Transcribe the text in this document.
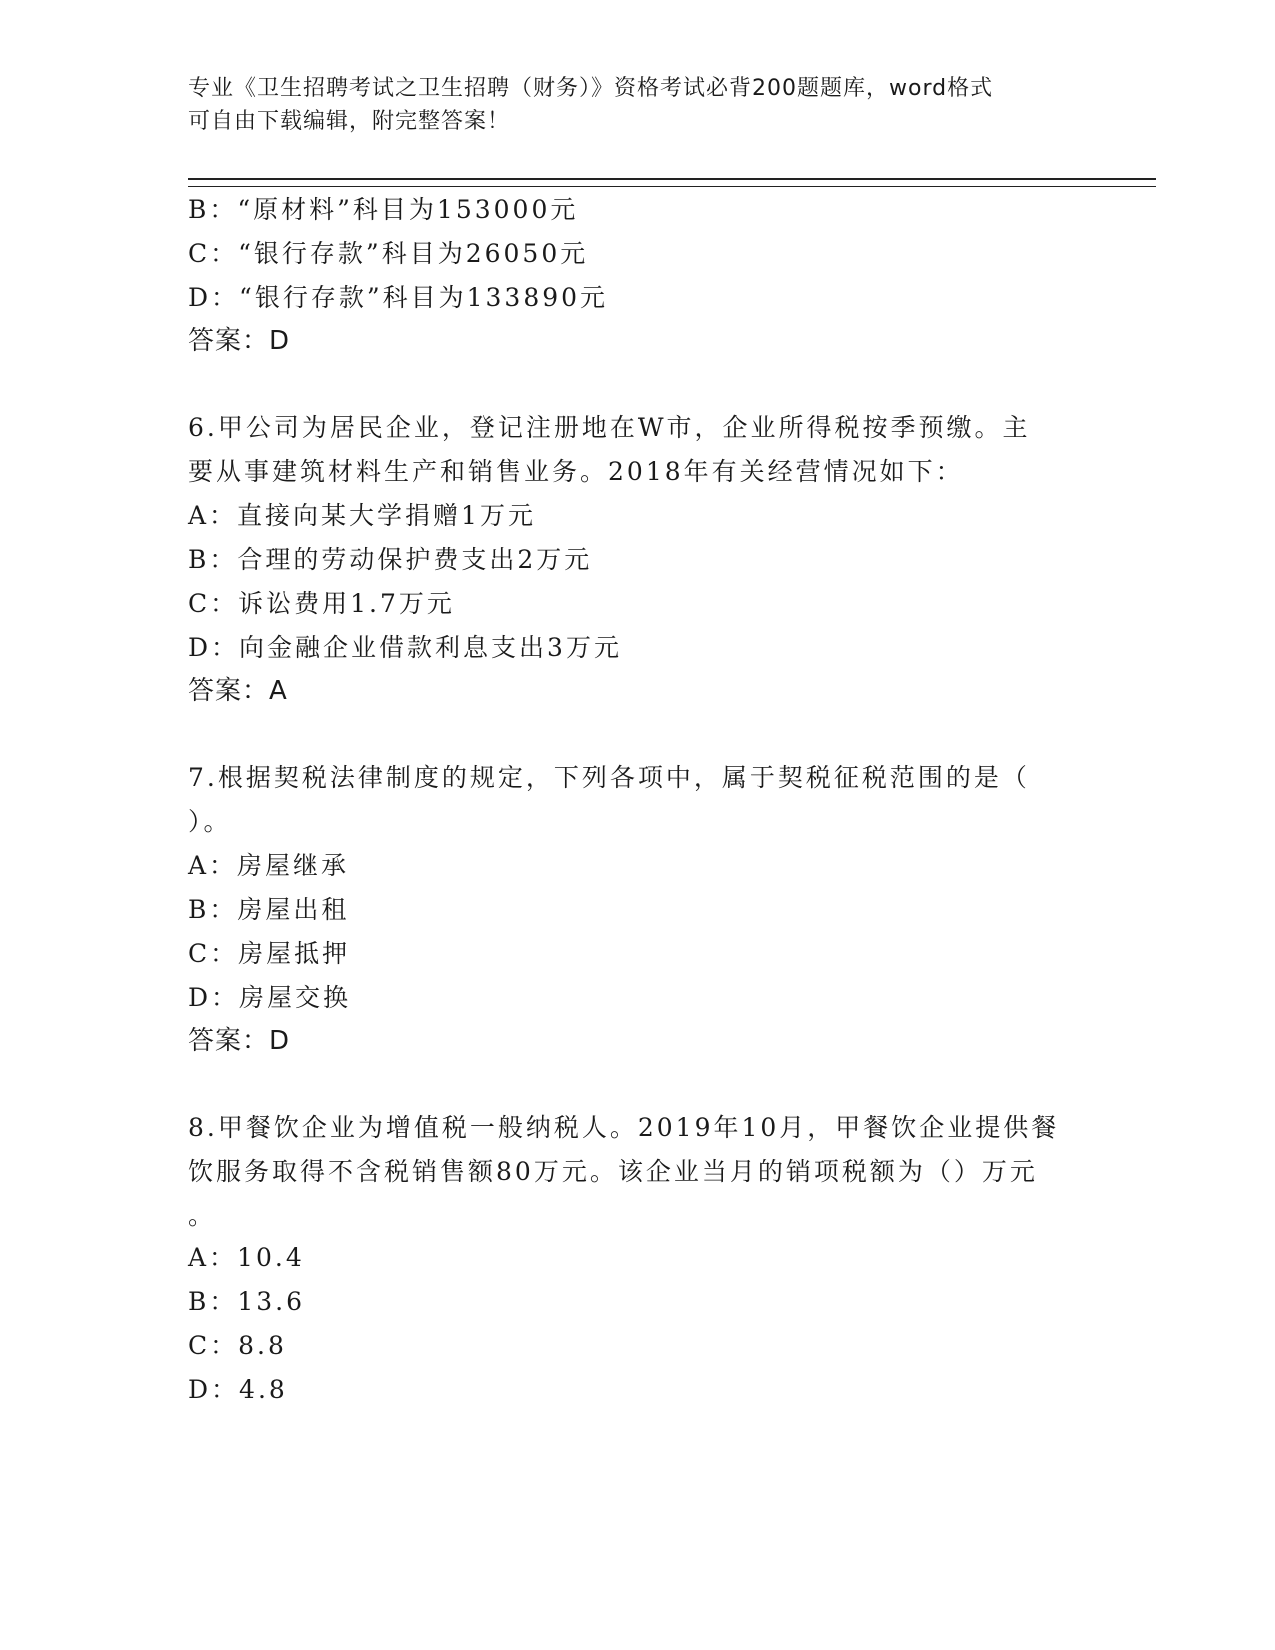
专业《卫生招聘考试之卫生招聘（财务）》资格考试必背200题题库，word格式
可自由下载编辑，附完整答案！
B：“原材料”科目为153000元
C：“银行存款”科目为26050元
D：“银行存款”科目为133890元
答案：D
6.甲公司为居民企业，登记注册地在W市，企业所得税按季预缴。主
要从事建筑材料生产和销售业务。2018年有关经营情况如下：
A：直接向某大学捐赠1万元
B：合理的劳动保护费支出2万元
C：诉讼费用1.7万元
D：向金融企业借款利息支出3万元
答案：A
7.根据契税法律制度的规定，下列各项中，属于契税征税范围的是（
）。
A：房屋继承
B：房屋出租
C：房屋抵押
D：房屋交换
答案：D
8.甲餐饮企业为增值税一般纳税人。2019年10月，甲餐饮企业提供餐
饮服务取得不含税销售额80万元。该企业当月的销项税额为（）万元
。
A：10.4
B：13.6
C：8.8
D：4.8
